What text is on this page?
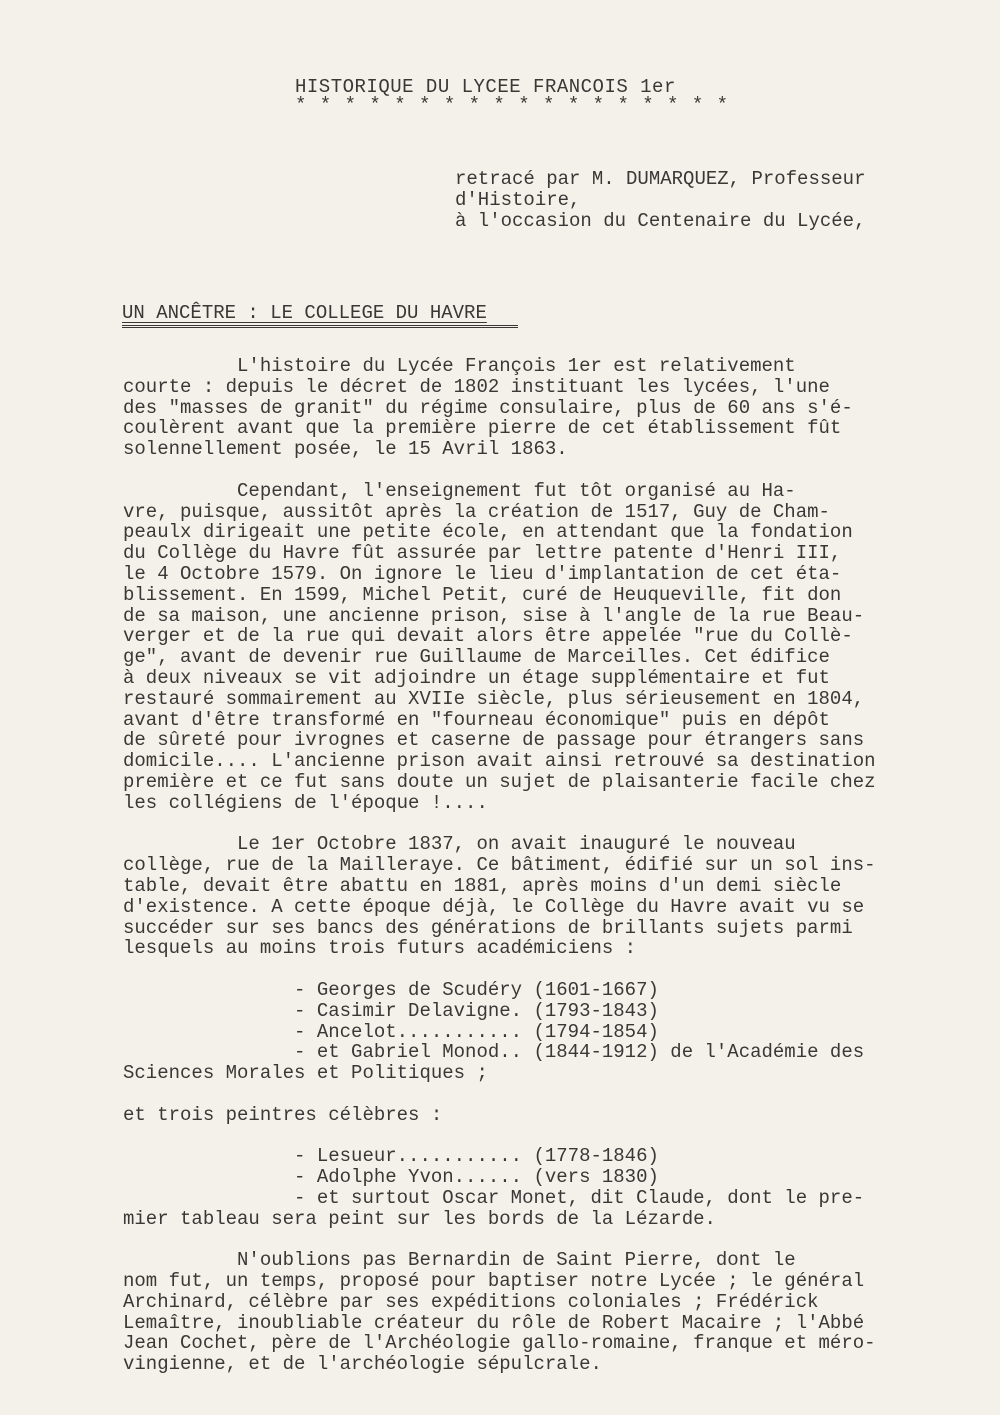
HISTORIQUE DU LYCEE FRANCOIS 1er
* * * * * * * * * * * * * * * * * *
retracé par M. DUMARQUEZ, Professeur
d'Histoire,
à l'occasion du Centenaire du Lycée,
UN ANCÊTRE : LE COLLEGE DU HAVRE
L'histoire du Lycée François 1er est relativement
courte : depuis le décret de 1802 instituant les lycées, l'une
des "masses de granit" du régime consulaire, plus de 60 ans s'é-
coulèrent avant que la première pierre de cet établissement fût
solennellement posée, le 15 Avril 1863.
Cependant, l'enseignement fut tôt organisé au Ha-
vre, puisque, aussitôt après la création de 1517, Guy de Cham-
peaulx dirigeait une petite école, en attendant que la fondation
du Collège du Havre fût assurée par lettre patente d'Henri III,
le 4 Octobre 1579. On ignore le lieu d'implantation de cet éta-
blissement. En 1599, Michel Petit, curé de Heuqueville, fit don
de sa maison, une ancienne prison, sise à l'angle de la rue Beau-
verger et de la rue qui devait alors être appelée "rue du Collè-
ge", avant de devenir rue Guillaume de Marceilles. Cet édifice
à deux niveaux se vit adjoindre un étage supplémentaire et fut
restauré sommairement au XVIIe siècle, plus sérieusement en 1804,
avant d'être transformé en "fourneau économique" puis en dépôt
de sûreté pour ivrognes et caserne de passage pour étrangers sans
domicile.... L'ancienne prison avait ainsi retrouvé sa destination
première et ce fut sans doute un sujet de plaisanterie facile chez
les collégiens de l'époque !....
Le 1er Octobre 1837, on avait inauguré le nouveau
collège, rue de la Mailleraye. Ce bâtiment, édifié sur un sol ins-
table, devait être abattu en 1881, après moins d'un demi siècle
d'existence. A cette époque déjà, le Collège du Havre avait vu se
succéder sur ses bancs des générations de brillants sujets parmi
lesquels au moins trois futurs académiciens :
- Georges de Scudéry (1601-1667)
- Casimir Delavigne. (1793-1843)
- Ancelot........... (1794-1854)
- et Gabriel Monod.. (1844-1912) de l'Académie des
Sciences Morales et Politiques ;
et trois peintres célèbres :
- Lesueur........... (1778-1846)
- Adolphe Yvon...... (vers 1830)
- et surtout Oscar Monet, dit Claude, dont le pre-
mier tableau sera peint sur les bords de la Lézarde.
N'oublions pas Bernardin de Saint Pierre, dont le
nom fut, un temps, proposé pour baptiser notre Lycée ; le général
Archinard, célèbre par ses expéditions coloniales ; Frédérick
Lemaître, inoubliable créateur du rôle de Robert Macaire ; l'Abbé
Jean Cochet, père de l'Archéologie gallo-romaine, franque et méro-
vingienne, et de l'archéologie sépulcrale.
